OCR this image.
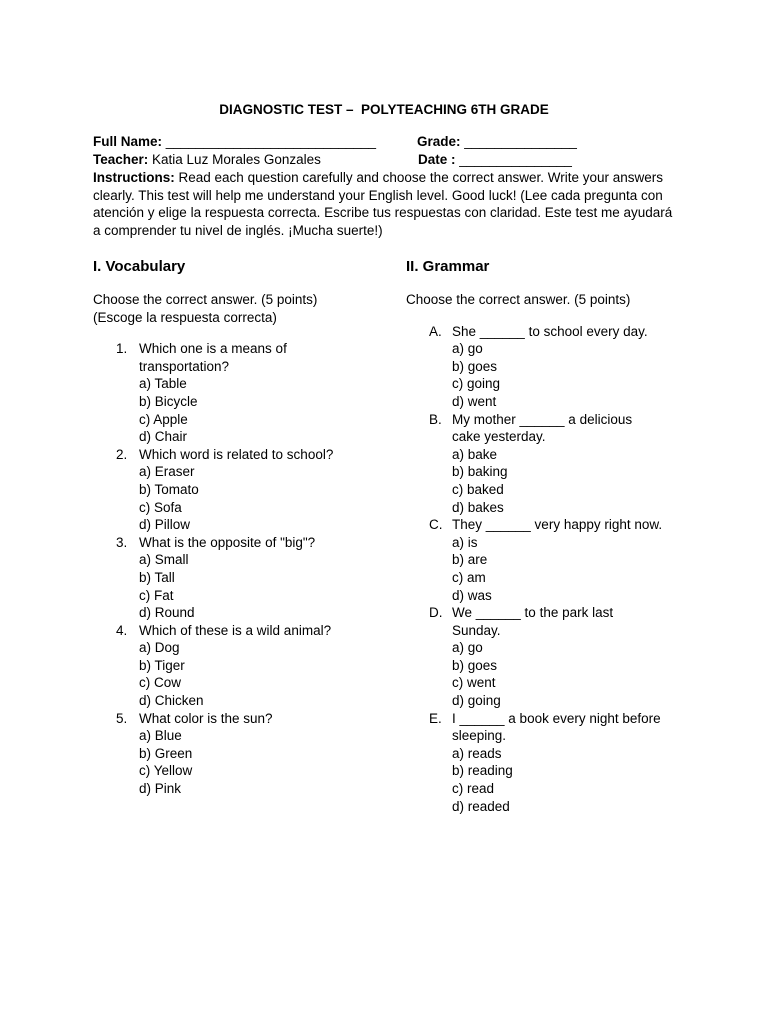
DIAGNOSTIC TEST –  POLYTEACHING 6TH GRADE
Full Name: ____________________________	Grade: _______________
Teacher: Katia Luz Morales Gonzales	Date : _______________

Instructions: Read each question carefully and choose the correct answer. Write your answers clearly. This test will help me understand your English level. Good luck! (Lee cada pregunta con atención y elige la respuesta correcta. Escribe tus respuestas con claridad. Este test me ayudará a comprender tu nivel de inglés. ¡Mucha suerte!)

I. Vocabulary
Choose the correct answer. (5 points)
(Escoge la respuesta correcta)
1. Which one is a means of transportation?
a) Table
b) Bicycle
c) Apple
d) Chair
2. Which word is related to school?
a) Eraser
b) Tomato
c) Sofa
d) Pillow
3. What is the opposite of "big"?
a) Small
b) Tall
c) Fat
d) Round
4. Which of these is a wild animal?
a) Dog
b) Tiger
c) Cow
d) Chicken
5. What color is the sun?
a) Blue
b) Green
c) Yellow
d) Pink
II. Grammar
Choose the correct answer. (5 points)
A. She ______ to school every day.
a) go
b) goes
c) going
d) went
B. My mother ______ a delicious cake yesterday.
a) bake
b) baking
c) baked
d) bakes
C. They ______ very happy right now.
a) is
b) are
c) am
d) was
D. We ______ to the park last Sunday.
a) go
b) goes
c) went
d) going
E. I ______ a book every night before sleeping.
a) reads
b) reading
c) read
d) readed
